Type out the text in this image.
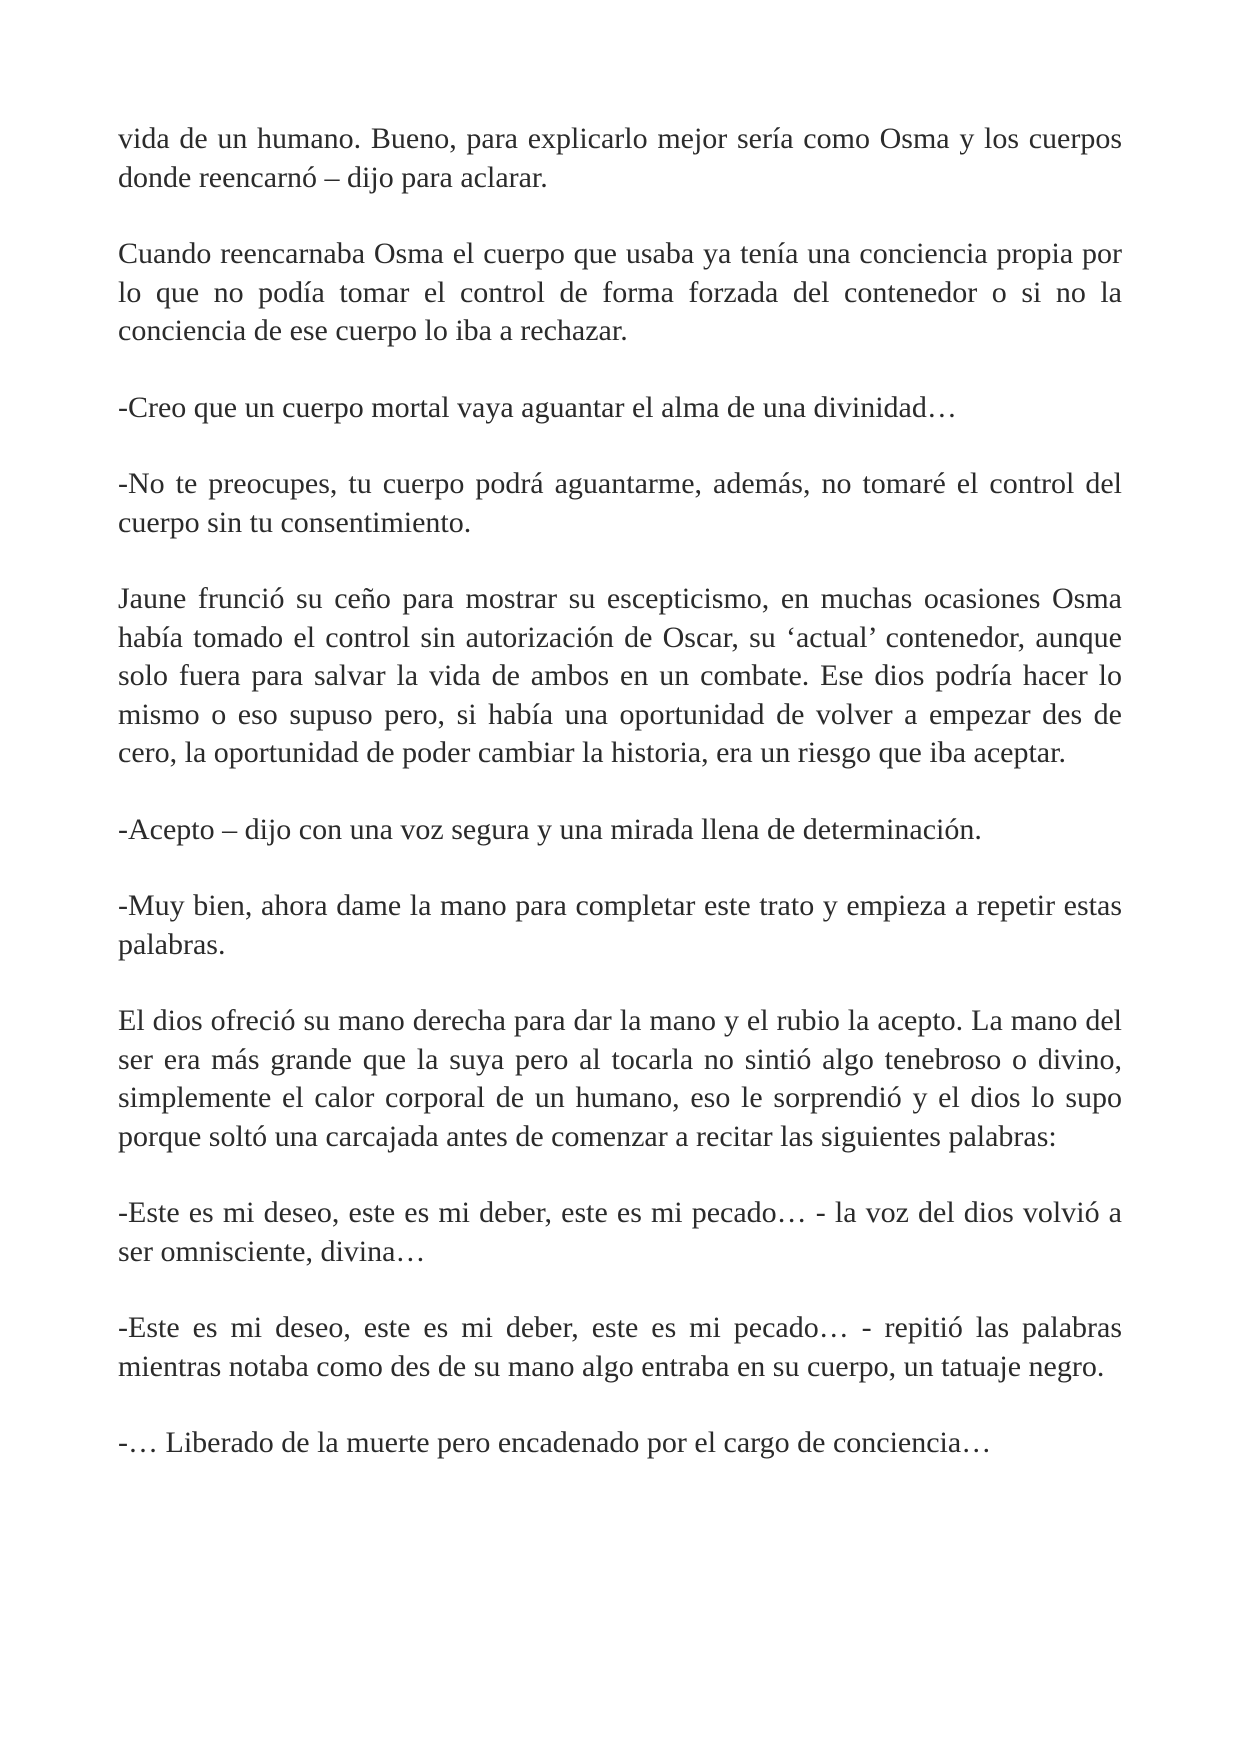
vida de un humano. Bueno, para explicarlo mejor sería como Osma y los cuerpos donde reencarnó – dijo para aclarar.

Cuando reencarnaba Osma el cuerpo que usaba ya tenía una conciencia propia por lo que no podía tomar el control de forma forzada del contenedor o si no la conciencia de ese cuerpo lo iba a rechazar.

-Creo que un cuerpo mortal vaya aguantar el alma de una divinidad…

-No te preocupes, tu cuerpo podrá aguantarme, además, no tomaré el control del cuerpo sin tu consentimiento.

Jaune frunció su ceño para mostrar su escepticismo, en muchas ocasiones Osma había tomado el control sin autorización de Oscar, su ‘actual’ contenedor, aunque solo fuera para salvar la vida de ambos en un combate. Ese dios podría hacer lo mismo o eso supuso pero, si había una oportunidad de volver a empezar des de cero, la oportunidad de poder cambiar la historia, era un riesgo que iba aceptar.

-Acepto – dijo con una voz segura y una mirada llena de determinación.

-Muy bien, ahora dame la mano para completar este trato y empieza a repetir estas palabras.

El dios ofreció su mano derecha para dar la mano y el rubio la acepto. La mano del ser era más grande que la suya pero al tocarla no sintió algo tenebroso o divino, simplemente el calor corporal de un humano, eso le sorprendió y el dios lo supo porque soltó una carcajada antes de comenzar a recitar las siguientes palabras:

-Este es mi deseo, este es mi deber, este es mi pecado… - la voz del dios volvió a ser omnisciente, divina…

-Este es mi deseo, este es mi deber, este es mi pecado… - repitió las palabras mientras notaba como des de su mano algo entraba en su cuerpo, un tatuaje negro.

-… Liberado de la muerte pero encadenado por el cargo de conciencia…
